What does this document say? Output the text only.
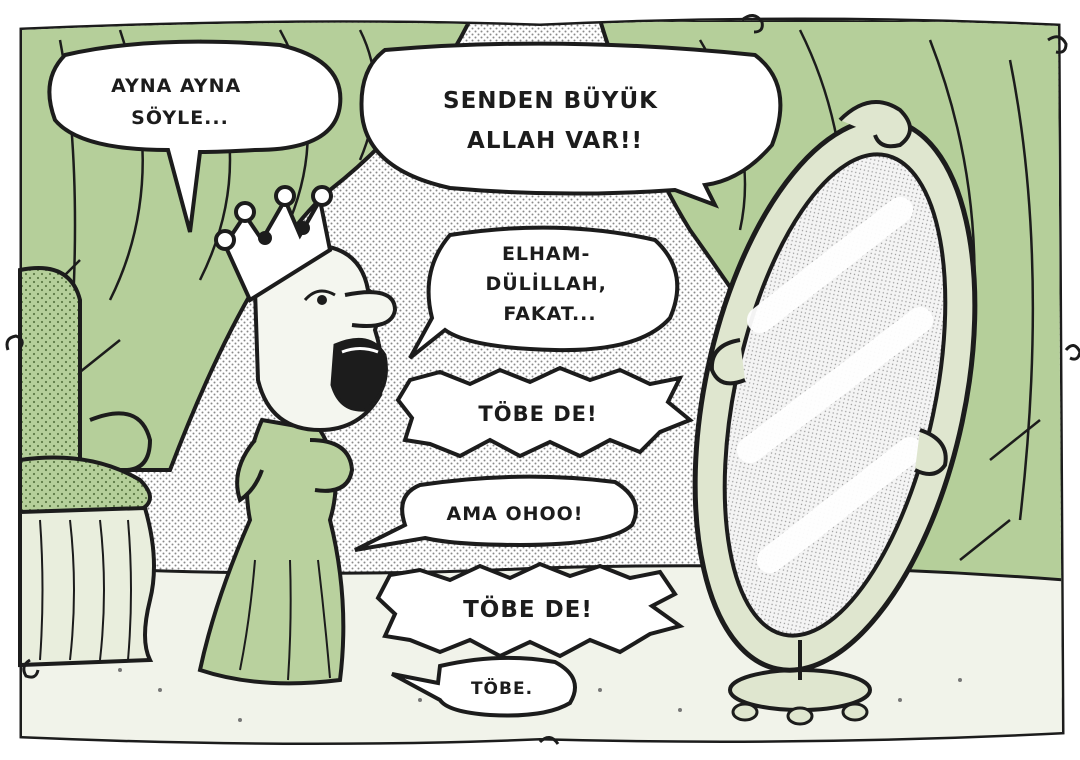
AYNA AYNA SÖYLE...
SENDEN BÜYÜK ALLAH VAR!!
ELHAM- DÜLİLLAH, FAKAT...
TÖBE DE!
AMA OHOO!
TÖBE DE!
TÖBE.
